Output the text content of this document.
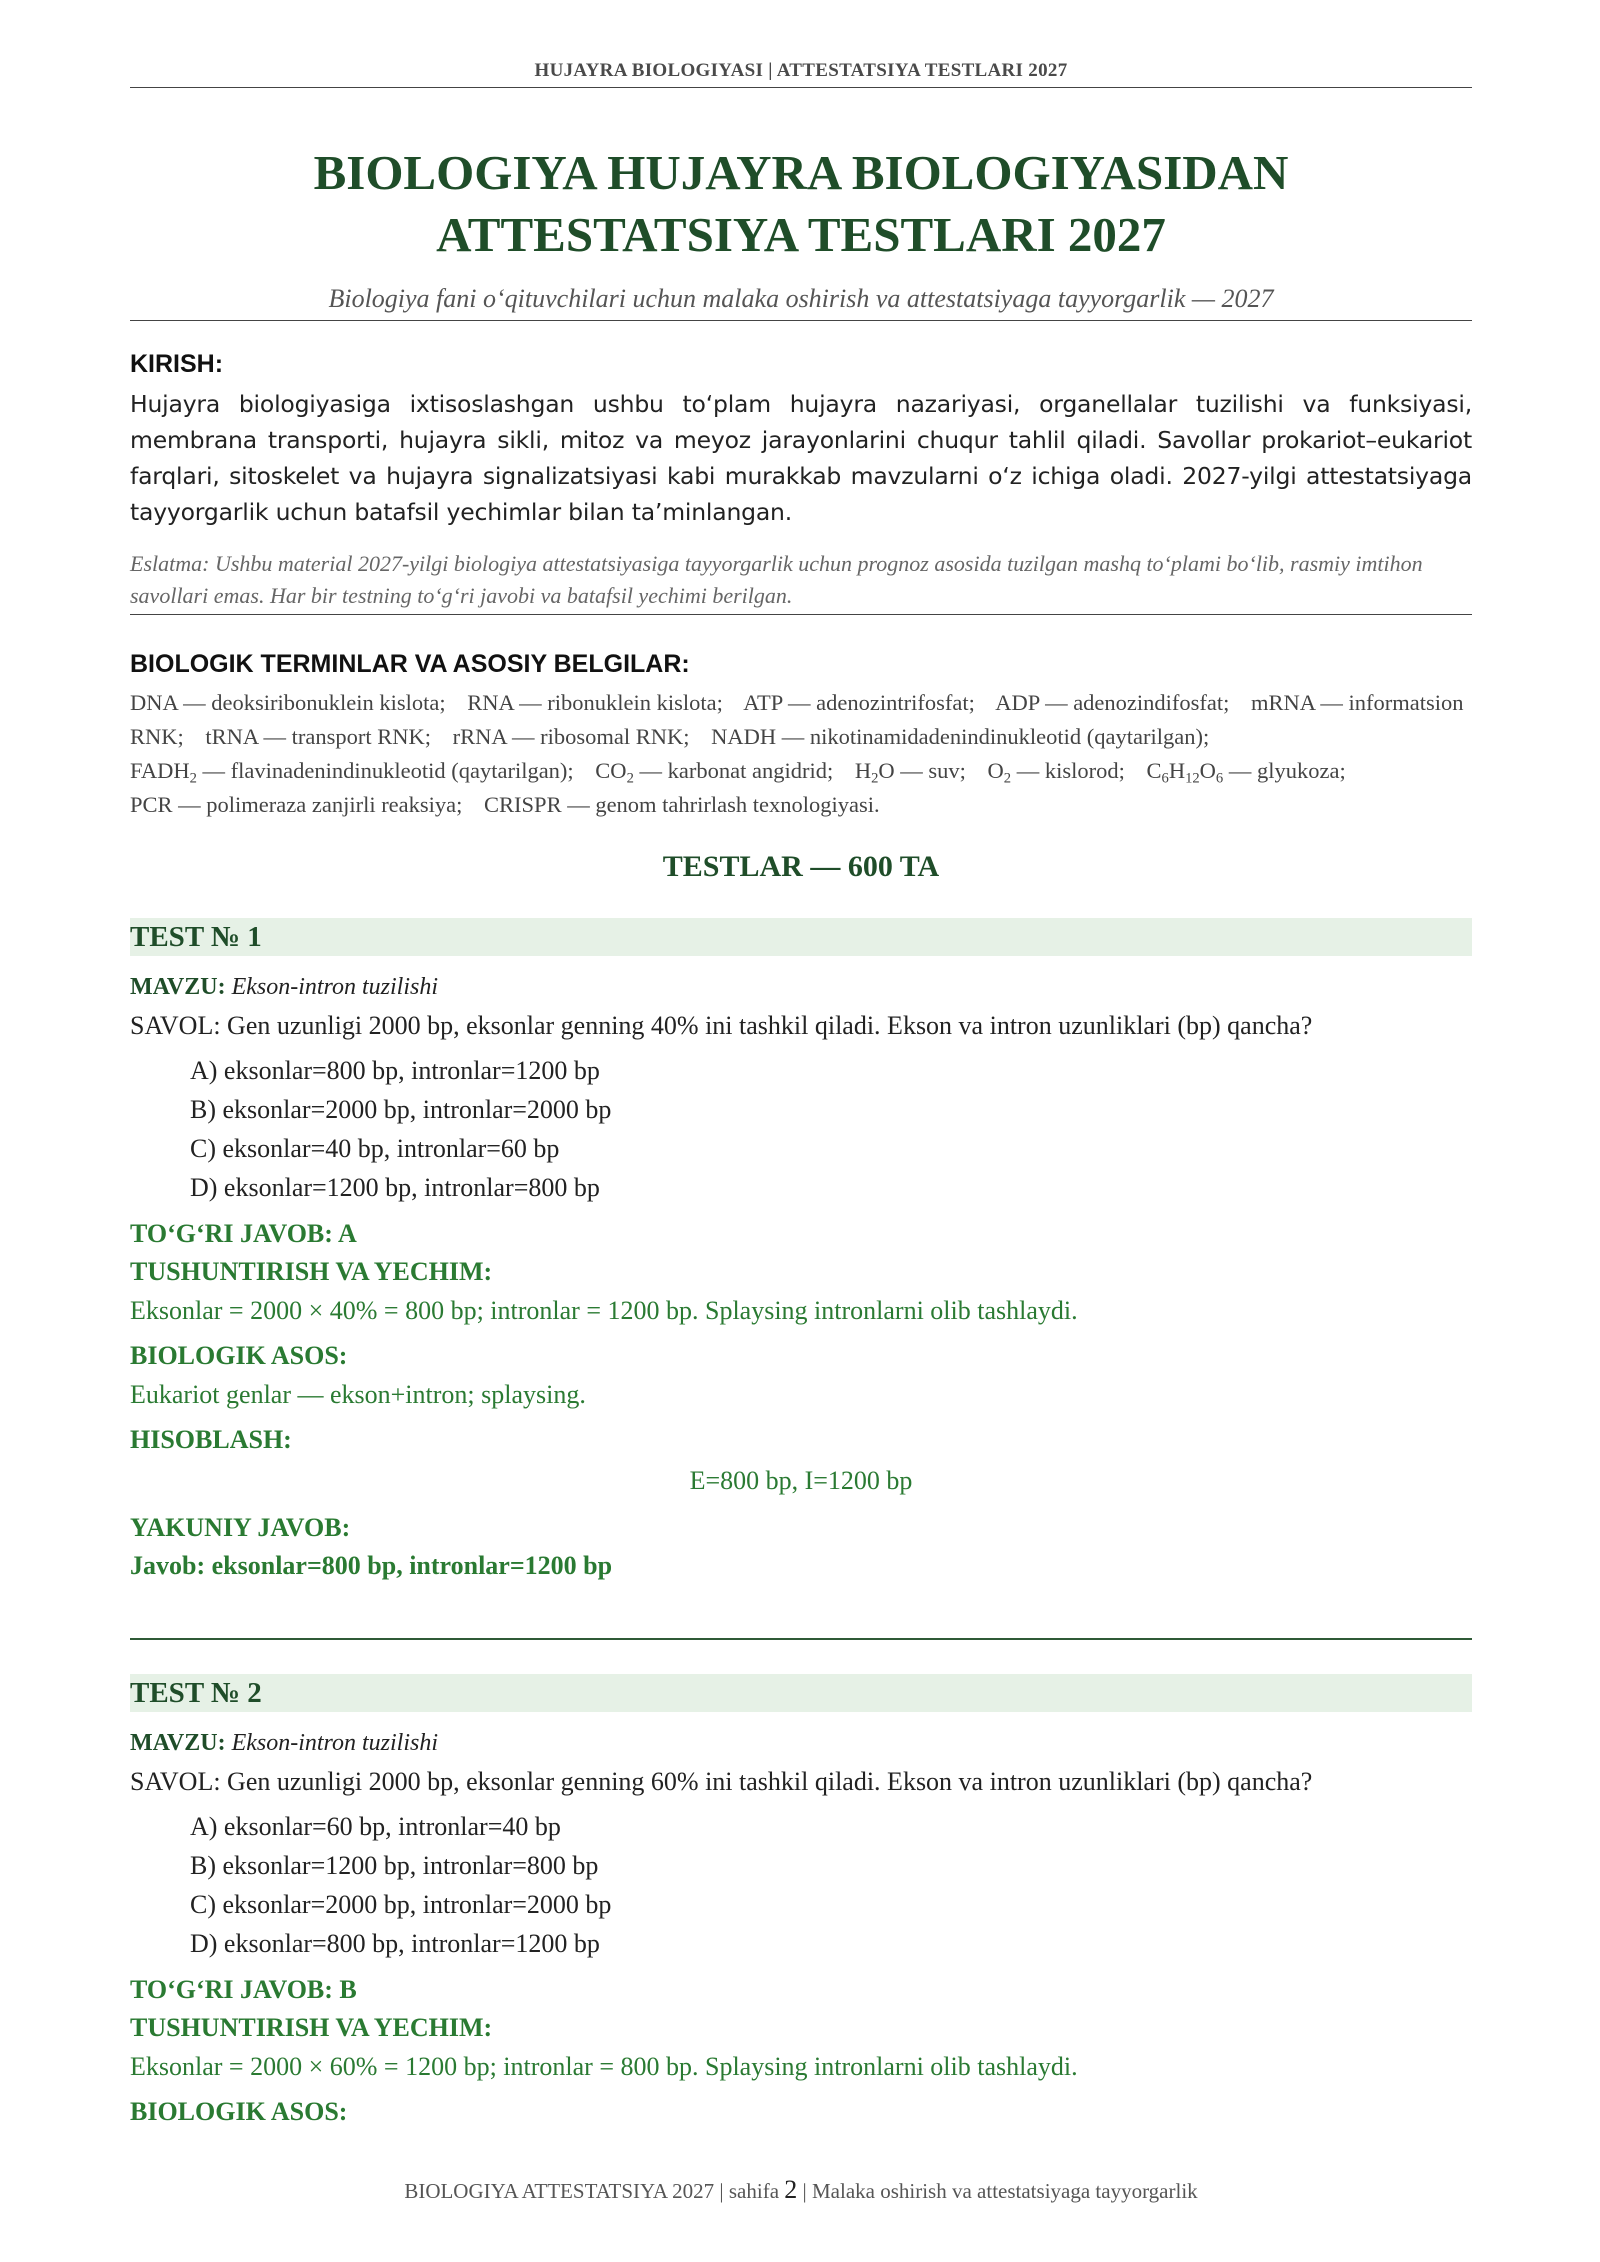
HUJAYRA BIOLOGIYASI | ATTESTATSIYA TESTLARI 2027
BIOLOGIYA HUJAYRA BIOLOGIYASIDAN
ATTESTATSIYA TESTLARI 2027
Biologiya fani o‘qituvchilari uchun malaka oshirish va attestatsiyaga tayyorgarlik — 2027
KIRISH:
Hujayra biologiyasiga ixtisoslashgan ushbu to‘plam hujayra nazariyasi, organellalar tuzilishi va funksiyasi, membrana transporti, hujayra sikli, mitoz va meyoz jarayonlarini chuqur tahlil qiladi. Savollar prokariot–eukariot farqlari, sitoskelet va hujayra signalizatsiyasi kabi murakkab mavzularni o‘z ichiga oladi. 2027-yilgi attestatsiyaga tayyorgarlik uchun batafsil yechimlar bilan ta’minlangan.
Eslatma: Ushbu material 2027-yilgi biologiya attestatsiyasiga tayyorgarlik uchun prognoz asosida tuzilgan mashq to‘plami bo‘lib, rasmiy imtihon savollari emas. Har bir testning to‘g‘ri javobi va batafsil yechimi berilgan.
BIOLOGIK TERMINLAR VA ASOSIY BELGILAR:
DNA — deoksiribonuklein kislota; RNA — ribonuklein kislota; ATP — adenozintrifosfat; ADP — adenozindifosfat; mRNA — informatsion RNK; tRNA — transport RNK; rRNA — ribosomal RNK; NADH — nikotinamidadenindinukleotid (qaytarilgan); $FADH_2$ — flavinadenindinukleotid (qaytarilgan); $CO_2$ — karbonat angidrid; $H_2O$ — suv; $O_2$ — kislorod; $C_6H_{12}O_6$ — glyukoza; PCR — polimeraza zanjirli reaksiya; CRISPR — genom tahrirlash texnologiyasi.
TESTLAR — 600 TA
TEST № 1
MAVZU: Ekson-intron tuzilishi
SAVOL: Gen uzunligi 2000 bp, eksonlar genning 40% ini tashkil qiladi. Ekson va intron uzunliklari (bp) qancha?
A) eksonlar=800 bp, intronlar=1200 bp
B) eksonlar=2000 bp, intronlar=2000 bp
C) eksonlar=40 bp, intronlar=60 bp
D) eksonlar=1200 bp, intronlar=800 bp
TO‘G‘RI JAVOB: A
TUSHUNTIRISH VA YECHIM:
Eksonlar = 2000 × 40% = 800 bp; intronlar = 1200 bp. Splaysing intronlarni olib tashlaydi.
BIOLOGIK ASOS:
Eukariot genlar — ekson+intron; splaysing.
HISOBLASH:
E=800 bp, I=1200 bp
YAKUNIY JAVOB:
Javob: eksonlar=800 bp, intronlar=1200 bp
TEST № 2
MAVZU: Ekson-intron tuzilishi
SAVOL: Gen uzunligi 2000 bp, eksonlar genning 60% ini tashkil qiladi. Ekson va intron uzunliklari (bp) qancha?
A) eksonlar=60 bp, intronlar=40 bp
B) eksonlar=1200 bp, intronlar=800 bp
C) eksonlar=2000 bp, intronlar=2000 bp
D) eksonlar=800 bp, intronlar=1200 bp
TO‘G‘RI JAVOB: B
TUSHUNTIRISH VA YECHIM:
Eksonlar = 2000 × 60% = 1200 bp; intronlar = 800 bp. Splaysing intronlarni olib tashlaydi.
BIOLOGIK ASOS:
BIOLOGIYA ATTESTATSIYA 2027 | sahifa 2 | Malaka oshirish va attestatsiyaga tayyorgarlik
